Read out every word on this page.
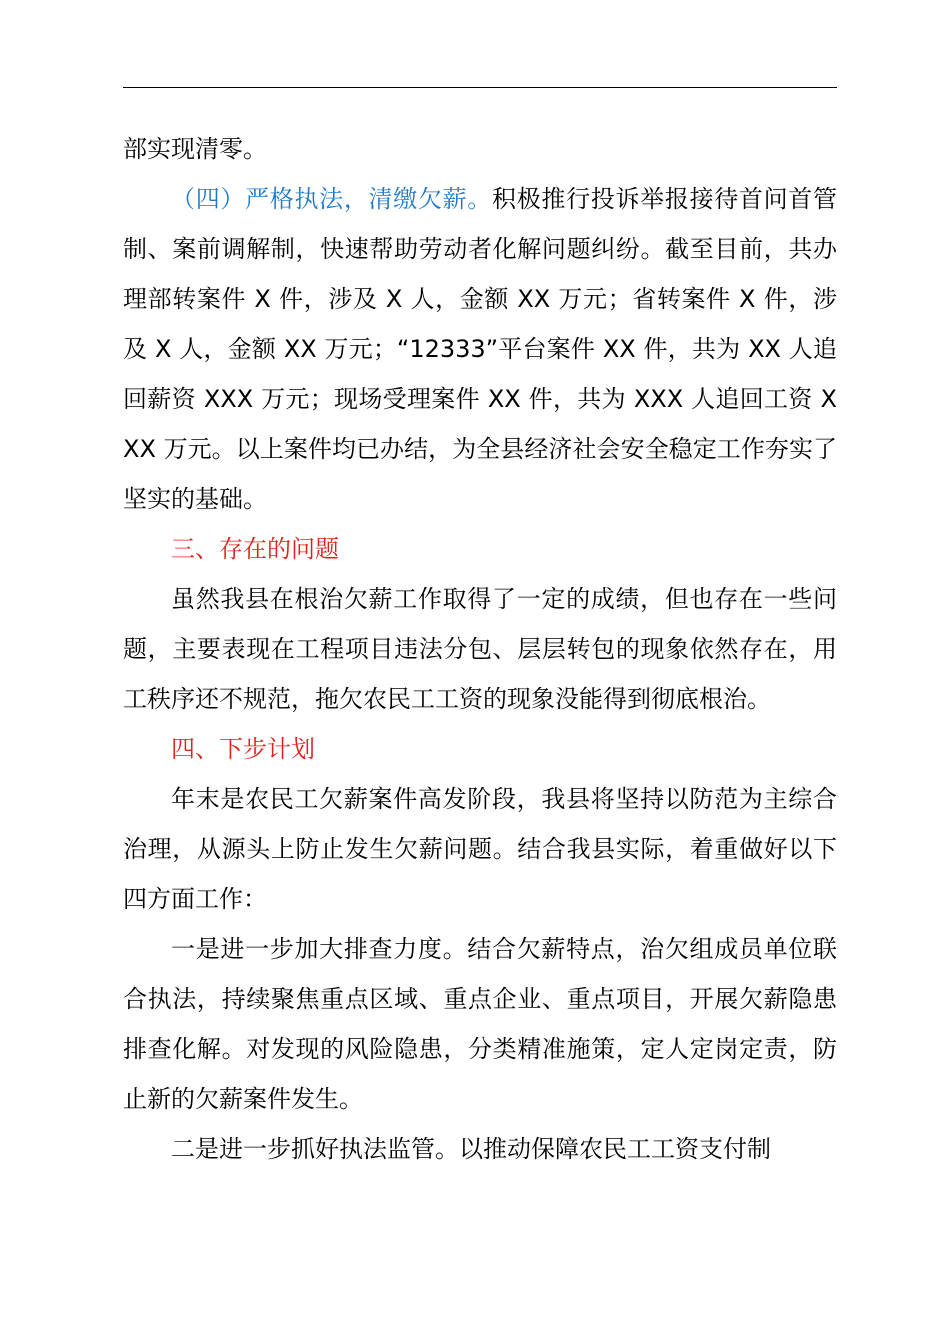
部实现清零。

（四）严格执法，清缴欠薪。积极推行投诉举报接待首问首管制、案前调解制，快速帮助劳动者化解问题纠纷。截至目前，共办理部转案件 X 件，涉及 X 人，金额 XX 万元；省转案件 X 件，涉及 X 人，金额 XX 万元；“12333”平台案件 XX 件，共为 XX 人追回薪资 XXX 万元；现场受理案件 XX 件，共为 XXX 人追回工资 XXX 万元。以上案件均已办结，为全县经济社会安全稳定工作夯实了坚实的基础。

三、存在的问题

虽然我县在根治欠薪工作取得了一定的成绩，但也存在一些问题，主要表现在工程项目违法分包、层层转包的现象依然存在，用工秩序还不规范，拖欠农民工工资的现象没能得到彻底根治。

四、下步计划

年末是农民工欠薪案件高发阶段，我县将坚持以防范为主综合治理，从源头上防止发生欠薪问题。结合我县实际，着重做好以下四方面工作：

一是进一步加大排查力度。结合欠薪特点，治欠组成员单位联合执法，持续聚焦重点区域、重点企业、重点项目，开展欠薪隐患排查化解。对发现的风险隐患，分类精准施策，定人定岗定责，防止新的欠薪案件发生。

二是进一步抓好执法监管。以推动保障农民工工资支付制
